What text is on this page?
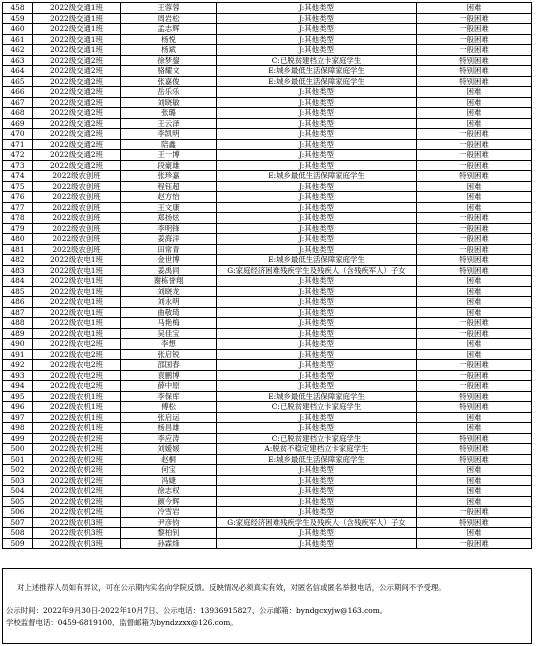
458	2022级交通1班	王蓉蓉	J:其他类型	困难
459	2022级交通1班	周岩松	J:其他类型	一般困难
460	2022级交通1班	孟志辉	J:其他类型	一般困难
461	2022级交通1班	杨悦	J:其他类型	一般困难
462	2022级交通1班	杨斌	J:其他类型	一般困难
463	2022级交通2班	徐梦鋆	C:已脱贫建档立卡家庭学生	特别困难
464	2022级交通2班	骆耀文	E:城乡最低生活保障家庭学生	特别困难
465	2022级交通2班	张嘉俊	E:城乡最低生活保障家庭学生	特别困难
466	2022级交通2班	岳乐乐	J:其他类型	困难
467	2022级交通2班	刘晓敏	J:其他类型	困难
468	2022级交通2班	张璐	J:其他类型	困难
469	2022级交通2班	王云泽	J:其他类型	困难
470	2022级交通2班	李凯明	J:其他类型	一般困难
471	2022级交通2班	陪鑫	J:其他类型	一般困难
472	2022级交通2班	王一博	J:其他类型	一般困难
473	2022级交通2班	段豪雄	J:其他类型	一般困难
474	2022级农创班	张珍嘉	E:城乡最低生活保障家庭学生	特别困难
475	2022级农创班	程钰超	J:其他类型	困难
476	2022级农创班	赵方怡	J:其他类型	困难
477	2022级农创班	王文康	J:其他类型	困难
478	2022级农创班	郑扬炫	J:其他类型	一般困难
479	2022级农创班	李明锋	J:其他类型	一般困难
480	2022级农创班	姜海洋	J:其他类型	一般困难
481	2022级农创班	田常青	J:其他类型	一般困难
482	2022级农电1班	金世博	E:城乡最低生活保障家庭学生	特别困难
483	2022级农电1班	姜禹同	G:家庭经济困难残疾学生及残疾人（含残疾军人）子女	特别困难
484	2022级农电1班	谢栋誉翔	J:其他类型	困难
485	2022级农电1班	刘晓龙	J:其他类型	困难
486	2022级农电1班	刘永明	J:其他类型	困难
487	2022级农电1班	曲敬琦	J:其他类型	困难
488	2022级农电1班	马艳梅	J:其他类型	一般困难
489	2022级农电1班	吴佳宝	J:其他类型	一般困难
490	2022级农电2班	李想	J:其他类型	困难
491	2022级农电2班	张启锐	J:其他类型	困难
492	2022级农电2班	邵国春	J:其他类型	一般困难
493	2022级农电2班	袁鹏博	J:其他类型	一般困难
494	2022级农电2班	薛中原	J:其他类型	一般困难
495	2022级农机1班	李保库	E:城乡最低生活保障家庭学生	特别困难
496	2022级农机1班	傅松	C:已脱贫建档立卡家庭学生	特别困难
497	2022级农机1班	张启运	J:其他类型	困难
498	2022级农机1班	杨昌雄	J:其他类型	困难
499	2022级农机2班	李应涛	C:已脱贫建档立卡家庭学生	特别困难
500	2022级农机2班	刘嫒媛	A:脱贫不稳定建档立卡家庭学生	特别困难
501	2022级农机2班	赵桐	E:城乡最低生活保障家庭学生	特别困难
502	2022级农机2班	何宝	J:其他类型	困难
503	2022级农机2班	冯婕	J:其他类型	困难
504	2022级农机2班	徐志权	J:其他类型	困难
505	2022级农机2班	颜今辉	J:其他类型	困难
506	2022级农机2班	冷雪岩	J:其他类型	一般困难
507	2022级农机3班	尹彦钧	G:家庭经济困难残疾学生及残疾人（含残疾军人）子女	特别困难
508	2022级农机3班	黎柏钊	J:其他类型	困难
509	2022级农机3班	孙霖烽	J:其他类型	一般困难
对上述推荐人员如有异议，可在公示期内实名向学院反馈。反映情况必须真实有效，对匿名信或匿名举报电话，公示期间不予受理。
公示时间：2022年9月30日-2022年10月7日、公示电话：13936915827、公示邮箱：byndgcxyjw@163.com。
学校监督电话：0459-6819100、监督邮箱为byndzzxx@126.com。
